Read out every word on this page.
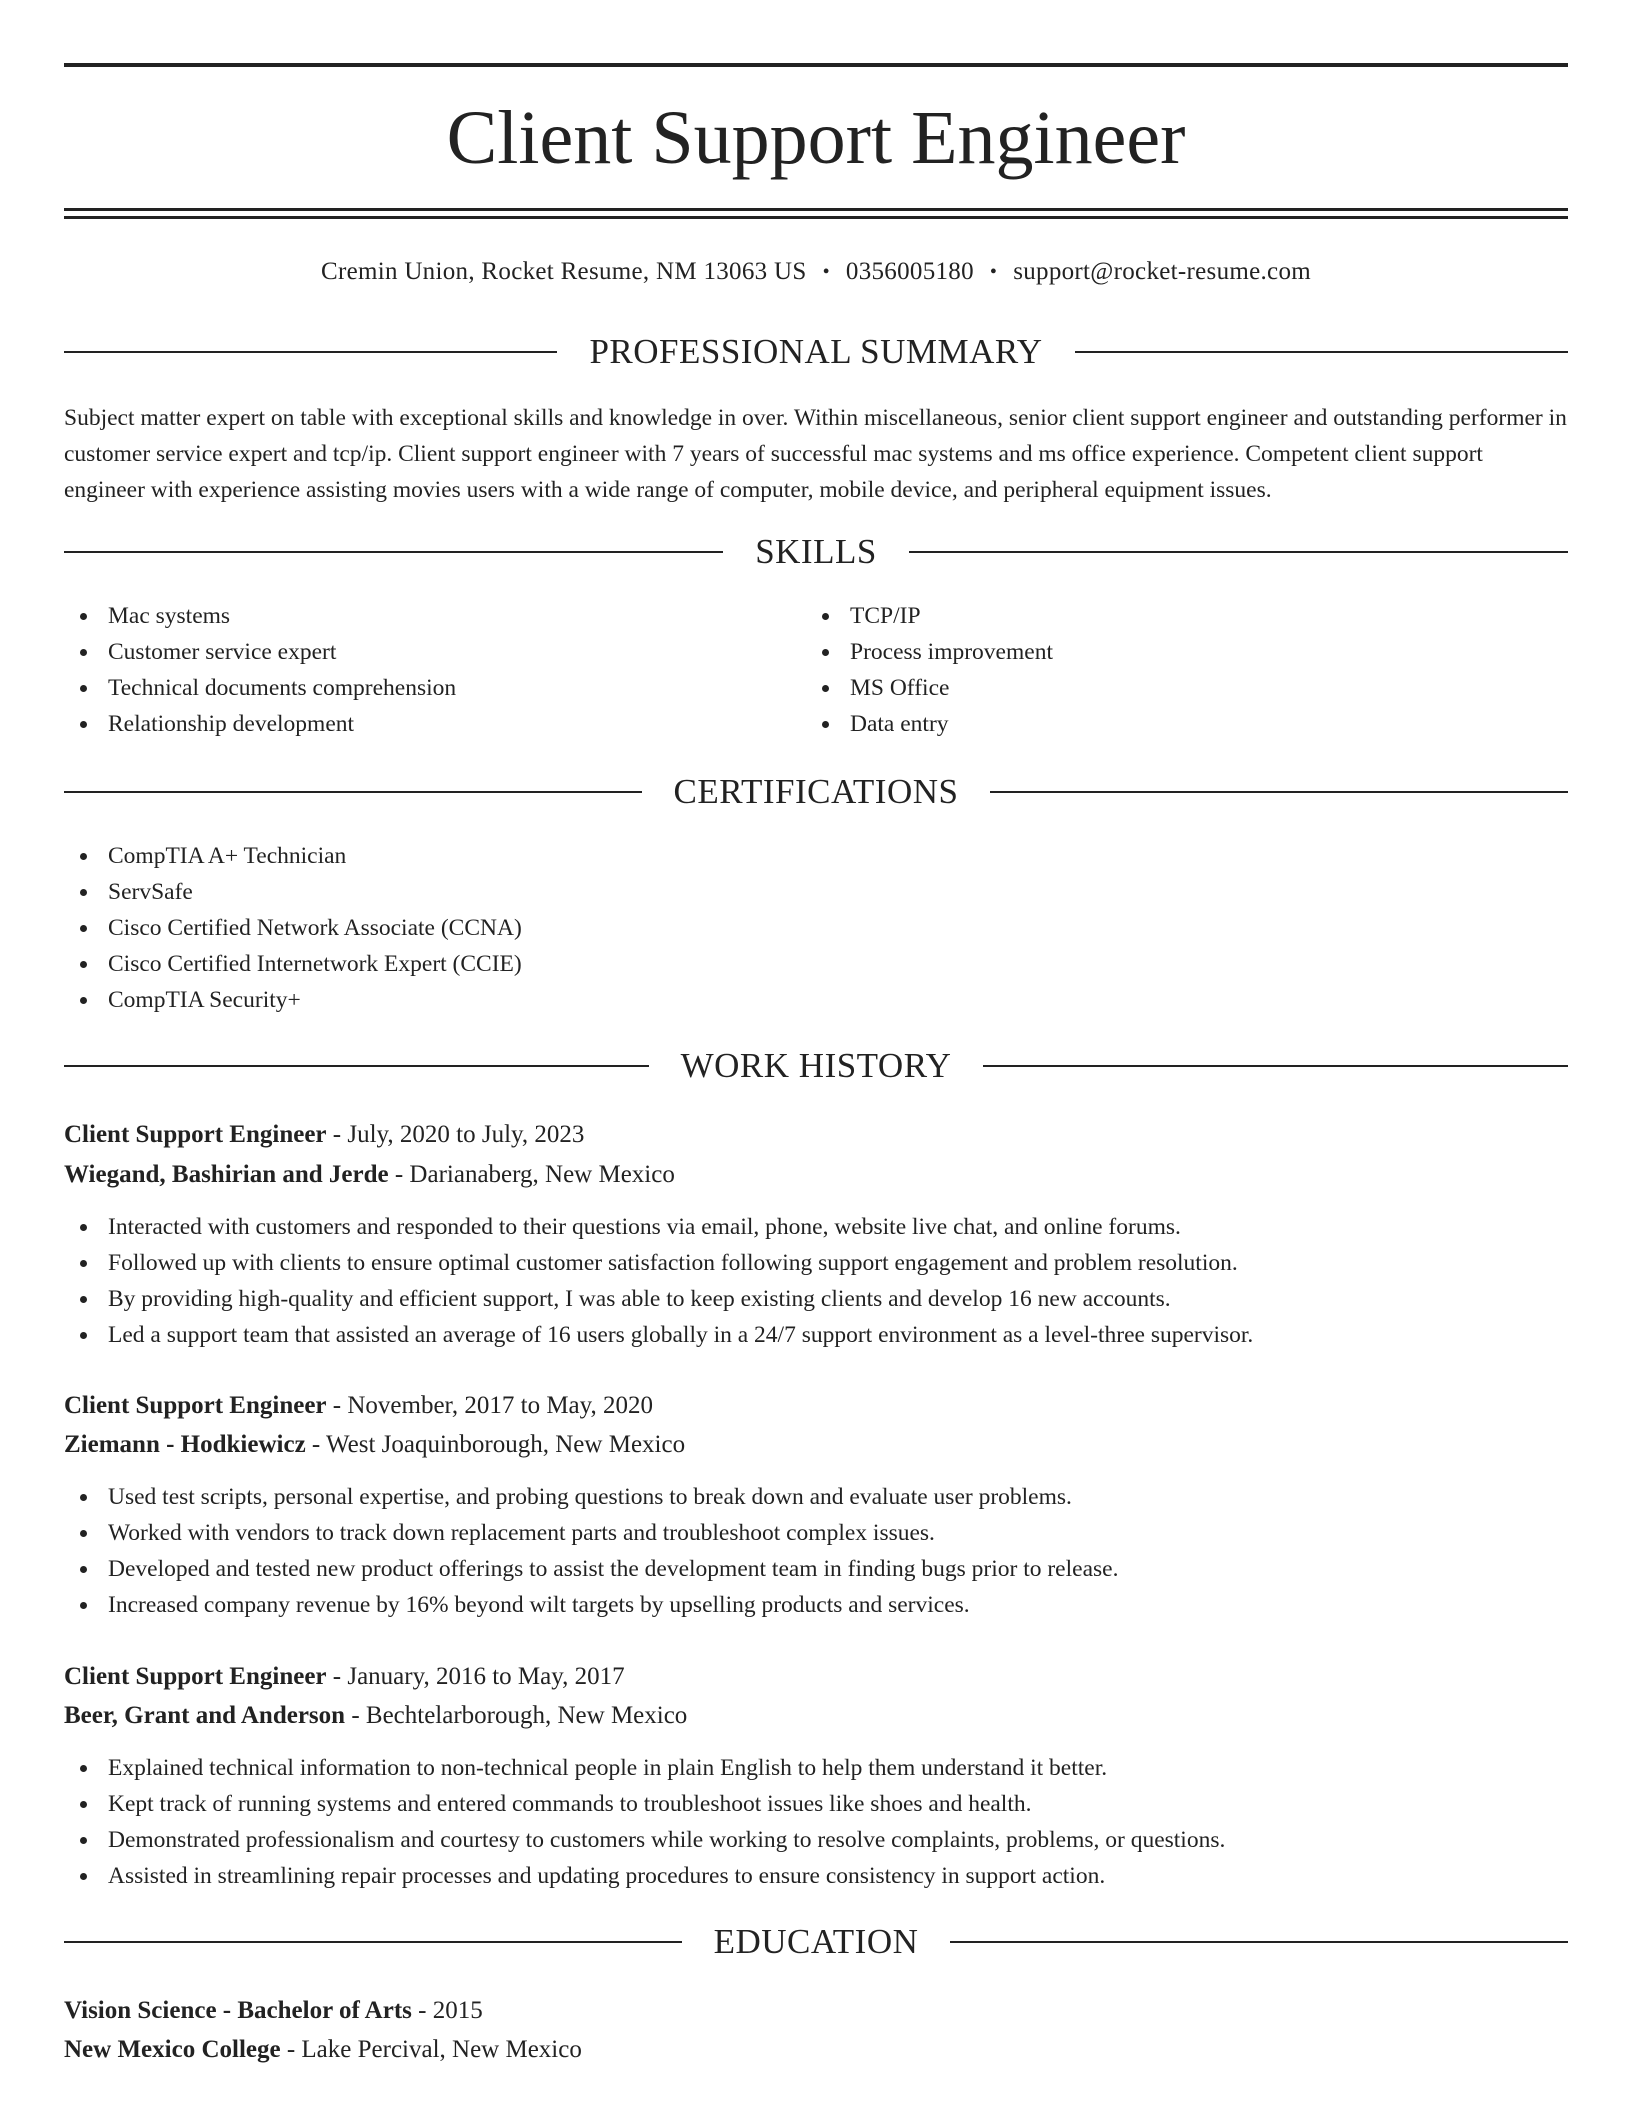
Client Support Engineer
Cremin Union, Rocket Resume, NM 13063 US • 0356005180 • support@rocket-resume.com
PROFESSIONAL SUMMARY

Subject matter expert on table with exceptional skills and knowledge in over. Within miscellaneous, senior client support engineer and outstanding performer in customer service expert and tcp/ip. Client support engineer with 7 years of successful mac systems and ms office experience. Competent client support engineer with experience assisting movies users with a wide range of computer, mobile device, and peripheral equipment issues.

SKILLS
Mac systems
Customer service expert
Technical documents comprehension
Relationship development
TCP/IP
Process improvement
MS Office
Data entry
CERTIFICATIONS
CompTIA A+ Technician
ServSafe
Cisco Certified Network Associate (CCNA)
Cisco Certified Internetwork Expert (CCIE)
CompTIA Security+
WORK HISTORY
Client Support Engineer - July, 2020 to July, 2023
Wiegand, Bashirian and Jerde - Darianaberg, New Mexico
Interacted with customers and responded to their questions via email, phone, website live chat, and online forums.
Followed up with clients to ensure optimal customer satisfaction following support engagement and problem resolution.
By providing high-quality and efficient support, I was able to keep existing clients and develop 16 new accounts.
Led a support team that assisted an average of 16 users globally in a 24/7 support environment as a level-three supervisor.
Client Support Engineer - November, 2017 to May, 2020
Ziemann - Hodkiewicz - West Joaquinborough, New Mexico
Used test scripts, personal expertise, and probing questions to break down and evaluate user problems.
Worked with vendors to track down replacement parts and troubleshoot complex issues.
Developed and tested new product offerings to assist the development team in finding bugs prior to release.
Increased company revenue by 16% beyond wilt targets by upselling products and services.
Client Support Engineer - January, 2016 to May, 2017
Beer, Grant and Anderson - Bechtelarborough, New Mexico
Explained technical information to non-technical people in plain English to help them understand it better.
Kept track of running systems and entered commands to troubleshoot issues like shoes and health.
Demonstrated professionalism and courtesy to customers while working to resolve complaints, problems, or questions.
Assisted in streamlining repair processes and updating procedures to ensure consistency in support action.
EDUCATION
Vision Science - Bachelor of Arts - 2015
New Mexico College - Lake Percival, New Mexico
